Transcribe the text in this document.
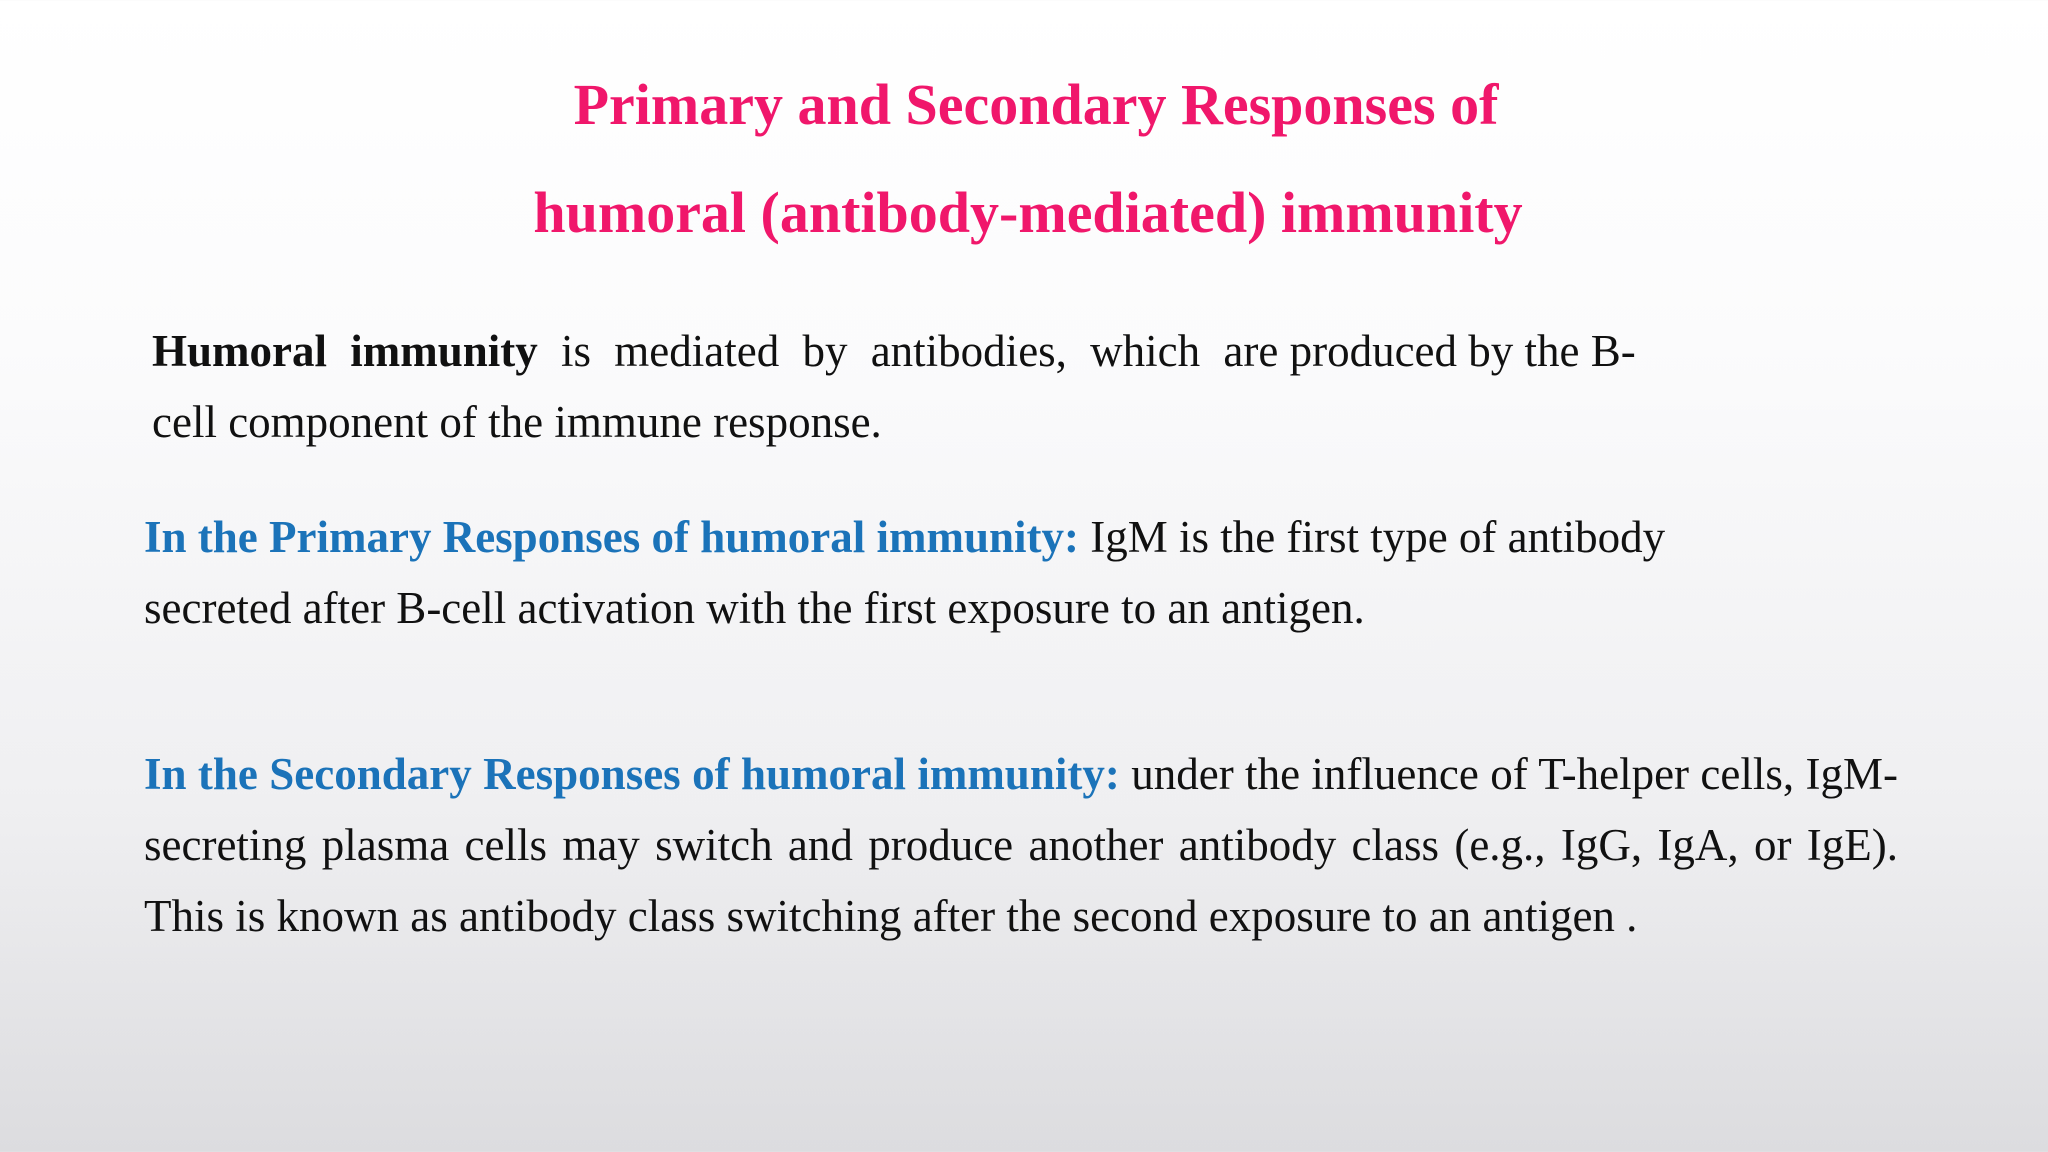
Primary and Secondary Responses of
humoral (antibody-mediated) immunity
Humoral immunity is mediated by antibodies, which are produced by the B-
cell component of the immune response.
In the Primary Responses of humoral immunity: IgM is the first type of antibody
secreted after B-cell activation with the first exposure to an antigen.
In the Secondary Responses of humoral immunity: under the influence of T-helper cells, IgM-secreting plasma cells may switch and produce another antibody class (e.g., IgG, IgA, or IgE). This is known as antibody class switching after the second exposure to an antigen .
